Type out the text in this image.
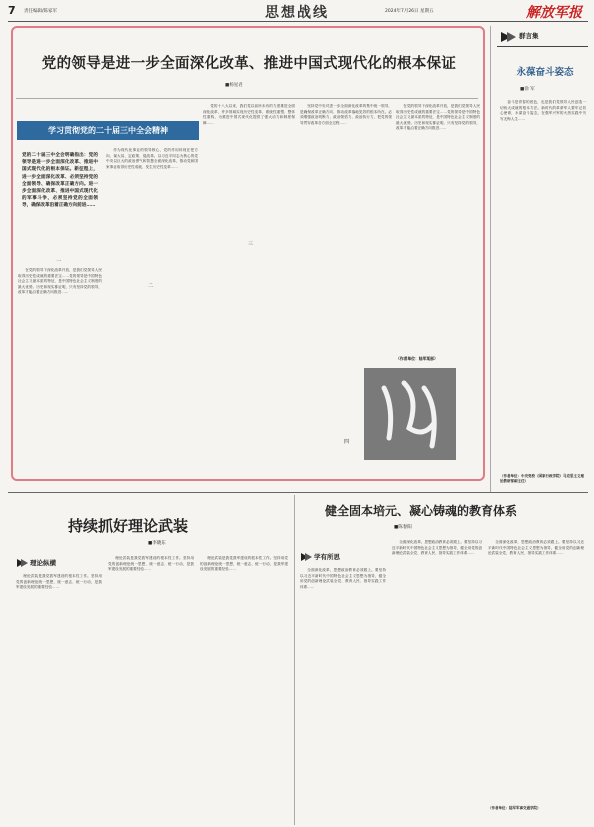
7 责任编辑/陈家军	思想战线	2024年7月26日 星期五	解放军报
党的领导是进一步全面深化改革、推进中国式现代化的根本保证
■杨星君
学习贯彻党的二十届三中全会精神
党的二十届三中全会明确指出：党的领导是进一步全面深化改革、推进中国式现代化的根本保证。新征程上，进一步全面深化改革、必须坚持党的全面领导、确保改革正确方向。进一步全面深化改革、推进中国式现代化的军事斗争，必须坚持党的全面领导，确保改革沿着正确方向前进……
一

在党的领导下深化改革开放，是我们党领导人民取得历史性成就的重要法宝……党的领导是中国特色社会主义最本质的特征，是中国特色社会主义制度的最大优势。历史和现实都证明，只有坚持党的领导，改革才能沿着正确方向推进……

作为现代化事业的领导核心，党的作用体现在把方向、谋大局、定政策、促改革。以习近平同志为核心的党中央以巨大的政治勇气和智慧全面深化改革，推动党和国家事业取得历史性成就、发生历史性变革……

二

党的十八大以来，我们党以前所未有的力度推进全面深化改革，许多领域实现历史性变革、系统性重塑、整体性重构，为推进中国式现代化提供了强大动力和制度保障……

三

坚持党中央对进一步全面深化改革的集中统一领导，是确保改革正确方向、推动改革落地见效的根本所在。必须增强政治判断力、政治领悟力、政治执行力，把党的领导贯穿改革各方面全过程……

四

在党的领导下深化改革开放，是我们党领导人民取得历史性成就的重要法宝……党的领导是中国特色社会主义最本质的特征，是中国特色社会主义制度的最大优势。历史和现实都证明，只有坚持党的领导，改革才能沿着正确方向推进……

（作者单位：陆军某部）
群言集
永葆奋斗姿态
■徐 军

奋斗是青春的底色，也是我们党领导人民创造一切伟大成就的根本方法。新时代的革命军人要牢记初心使命，永葆奋斗姿态，在强军兴军的火热实践中书写无悔人生……

（作者单位：中央党校（国家行政学院）马克思主义理论教研部副主任）
持续抓好理论武装
■李晓东
理论纵横

理论武装是我党我军建设的根本性工作。坚持用党的创新理论统一思想、统一意志、统一行动，是我军建设发展的重要经验……

理论武装是我党我军建设的根本性工作。坚持用党的创新理论统一思想、统一意志、统一行动，是我军建设发展的重要经验……

理论武装是我党我军建设的根本性工作。坚持用党的创新理论统一思想、统一意志、统一行动，是我军建设发展的重要经验……

健全固本培元、凝心铸魂的教育体系
■陈春阳
学有所思

全面深化改革，思想政治教育必须跟上。要坚持以习近平新时代中国特色社会主义思想为指导，健全用党的创新理论武装全党、教育人民、指导实践工作体系……

全面深化改革，思想政治教育必须跟上。要坚持以习近平新时代中国特色社会主义思想为指导，健全用党的创新理论武装全党、教育人民、指导实践工作体系……

全面深化改革，思想政治教育必须跟上。要坚持以习近平新时代中国特色社会主义思想为指导，健全用党的创新理论武装全党、教育人民、指导实践工作体系……

（作者单位：陆军军事交通学院）
